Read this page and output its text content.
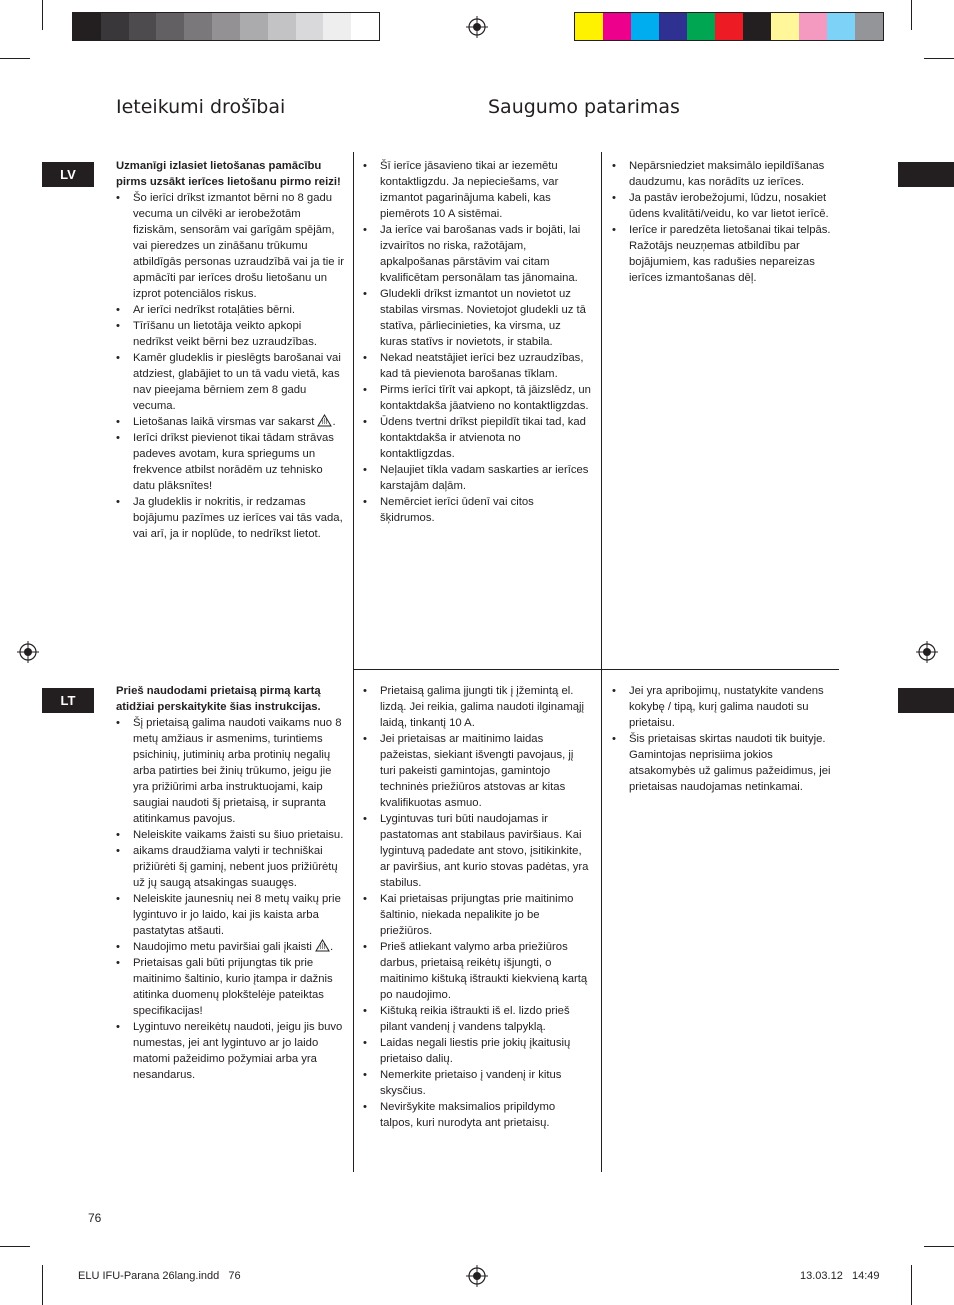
Ieteikumi drošībai	Saugumo patarimas
LV
Uzmanīgi izlasiet lietošanas pamācību pirms uzsākt ierīces lietošanu pirmo reizi!
• Šo ierīci drīkst izmantot bērni no 8 gadu vecuma un cilvēki ar ierobežotām fiziskām, sensorām vai garīgām spējām, vai pieredzes un zināšanu trūkumu atbildīgās personas uzraudzībā vai ja tie ir apmācīti par ierīces drošu lietošanu un izprot potenciālos riskus.
• Ar ierīci nedrīkst rotaļāties bērni.
• Tīrīšanu un lietotāja veikto apkopi nedrīkst veikt bērni bez uzraudzības.
• Kamēr gludeklis ir pieslēgts barošanai vai atdziest, glabājiet to un tā vadu vietā, kas nav pieejama bērniem zem 8 gadu vecuma.
• Lietošanas laikā virsmas var sakarst .
• Ierīci drīkst pievienot tikai tādam strāvas padeves avotam, kura spriegums un frekvence atbilst norādēm uz tehnisko datu plāksnītes!
• Ja gludeklis ir nokritis, ir redzamas bojājumu pazīmes uz ierīces vai tās vada, vai arī, ja ir noplūde, to nedrīkst lietot.
• Šī ierīce jāsavieno tikai ar iezemētu kontaktligzdu. Ja nepieciešams, var izmantot pagarinājuma kabeli, kas piemērots 10 A sistēmai.
• Ja ierīce vai barošanas vads ir bojāti, lai izvairītos no riska, ražotājam, apkalpošanas pārstāvim vai citam kvalificētam personālam tas jānomaina.
• Gludekli drīkst izmantot un novietot uz stabilas virsmas. Novietojot gludekli uz tā statīva, pārliecinieties, ka virsma, uz kuras statīvs ir novietots, ir stabila.
• Nekad neatstājiet ierīci bez uzraudzības, kad tā pievienota barošanas tīklam.
• Pirms ierīci tīrīt vai apkopt, tā jāizslēdz, un kontaktdakša jāatvieno no kontaktligzdas.
• Ūdens tvertni drīkst piepildīt tikai tad, kad kontaktdakša ir atvienota no kontaktligzdas.
• Neļaujiet tīkla vadam saskarties ar ierīces karstajām daļām.
• Nemērciet ierīci ūdenī vai citos šķidrumos.
• Nepārsniedziet maksimālo iepildīšanas daudzumu, kas norādīts uz ierīces.
• Ja pastāv ierobežojumi, lūdzu, nosakiet ūdens kvalitāti/veidu, ko var lietot ierīcē.
• Ierīce ir paredzēta lietošanai tikai telpās. Ražotājs neuzņemas atbildību par bojājumiem, kas radušies nepareizas ierīces izmantošanas dēļ.
LT
Prieš naudodami prietaisą pirmą kartą atidžiai perskaitykite šias instrukcijas.
• Šį prietaisą galima naudoti vaikams nuo 8 metų amžiaus ir asmenims, turintiems psichinių, jutiminių arba protinių negalių arba patirties bei žinių trūkumo, jeigu jie yra prižiūrimi arba instruktuojami, kaip saugiai naudoti šį prietaisą, ir supranta atitinkamus pavojus.
• Neleiskite vaikams žaisti su šiuo prietaisu.
• aikams draudžiama valyti ir techniškai prižiūrėti šį gaminį, nebent juos prižiūrėtų už jų saugą atsakingas suaugęs.
• Neleiskite jaunesnių nei 8 metų vaikų prie lygintuvo ir jo laido, kai jis kaista arba pastatytas atšauti.
• Naudojimo metu paviršiai gali įkaisti .
• Prietaisas gali būti prijungtas tik prie maitinimo šaltinio, kurio įtampa ir dažnis atitinka duomenų plokštelėje pateiktas specifikacijas!
• Lygintuvo nereikėtų naudoti, jeigu jis buvo numestas, jei ant lygintuvo ar jo laido matomi pažeidimo požymiai arba yra nesandarus.
• Prietaisą galima įjungti tik į įžemintą el. lizdą. Jei reikia, galima naudoti ilginamąjį laidą, tinkantį 10 A.
• Jei prietaisas ar maitinimo laidas pažeistas, siekiant išvengti pavojaus, jį turi pakeisti gamintojas, gamintojo techninės priežiūros atstovas ar kitas kvalifikuotas asmuo.
• Lygintuvas turi būti naudojamas ir pastatomas ant stabilaus paviršiaus. Kai lygintuvą padedate ant stovo, įsitikinkite, ar paviršius, ant kurio stovas padėtas, yra stabilus.
• Kai prietaisas prijungtas prie maitinimo šaltinio, niekada nepalikite jo be priežiūros.
• Prieš atliekant valymo arba priežiūros darbus, prietaisą reikėtų išjungti, o maitinimo kištuką ištraukti kiekvieną kartą po naudojimo.
• Kištuką reikia ištraukti iš el. lizdo prieš pilant vandenį į vandens talpyklą.
• Laidas negali liestis prie jokių įkaitusių prietaiso dalių.
• Nemerkite prietaiso į vandenį ir kitus skysčius.
• Neviršykite maksimalios pripildymo talpos, kuri nurodyta ant prietaisų.
• Jei yra apribojimų, nustatykite vandens kokybę / tipą, kurį galima naudoti su prietaisu.
• Šis prietaisas skirtas naudoti tik buityje. Gamintojas neprisiima jokios atsakomybės už galimus pažeidimus, jei prietaisas naudojamas netinkamai.
76
ELU IFU-Parana 26lang.indd   76	13.03.12   14:49
